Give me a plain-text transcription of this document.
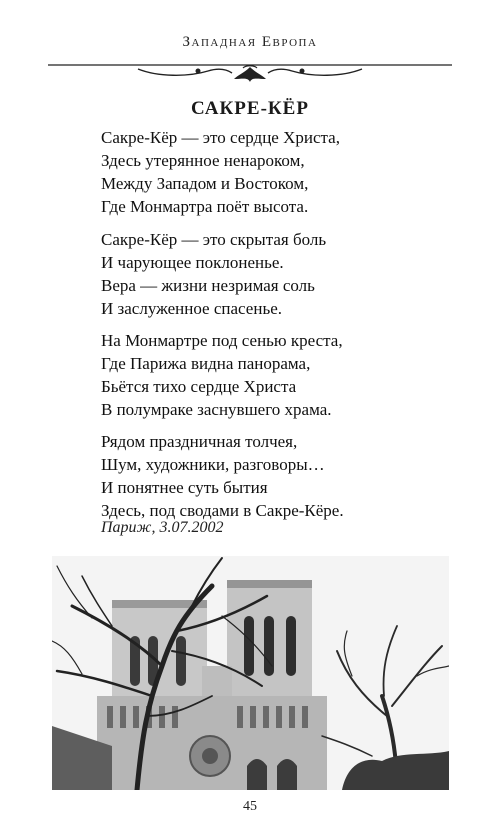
Западная Европа
САКРЕ-КЁР
Сакре-Кёр — это сердце Христа,
Здесь утерянное ненароком,
Между Западом и Востоком,
Где Монмартра поёт высота.
Сакре-Кёр — это скрытая боль
И чарующее поклоненье.
Вера — жизни незримая соль
И заслуженное спасенье.
На Монмартре под сенью креста,
Где Парижа видна панорама,
Бьётся тихо сердце Христа
В полумраке заснувшего храма.
Рядом праздничная толчея,
Шум, художники, разговоры…
И понятнее суть бытия
Здесь, под сводами в Сакре-Кёре.
Париж, 3.07.2002
45
